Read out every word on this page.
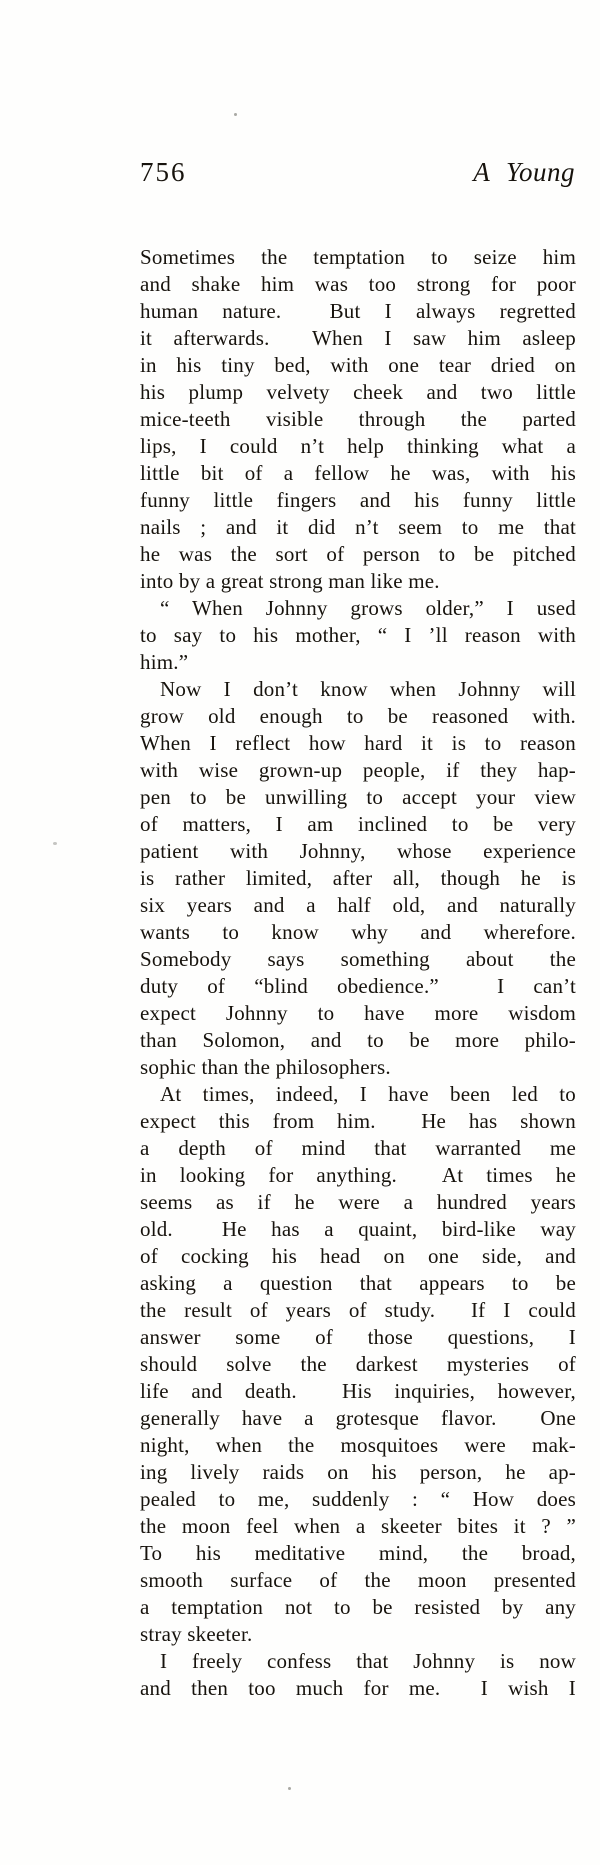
756	A Young
Sometimes the temptation to seize him
and shake him was too strong for poor
human nature.  But I always regretted
it afterwards.  When I saw him asleep
in his tiny bed, with one tear dried on
his plump velvety cheek and two little
mice-teeth visible through the parted
lips, I could n’t help thinking what a
little bit of a fellow he was, with his
funny little fingers and his funny little
nails ; and it did n’t seem to me that
he was the sort of person to be pitched
into by a great strong man like me.
“ When Johnny grows older,” I used
to say to his mother, “ I ’ll reason with
him.”
Now I don’t know when Johnny will
grow old enough to be reasoned with.
When I reflect how hard it is to reason
with wise grown-up people, if they hap-
pen to be unwilling to accept your view
of matters, I am inclined to be very
patient with Johnny, whose experience
is rather limited, after all, though he is
six years and a half old, and naturally
wants to know why and wherefore.
Somebody says something about the
duty of “blind obedience.”  I can’t
expect Johnny to have more wisdom
than Solomon, and to be more philo-
sophic than the philosophers.
At times, indeed, I have been led to
expect this from him.  He has shown
a depth of mind that warranted me
in looking for anything.  At times he
seems as if he were a hundred years
old.  He has a quaint, bird-like way
of cocking his head on one side, and
asking a question that appears to be
the result of years of study.  If I could
answer some of those questions, I
should solve the darkest mysteries of
life and death.  His inquiries, however,
generally have a grotesque flavor.  One
night, when the mosquitoes were mak-
ing lively raids on his person, he ap-
pealed to me, suddenly : “ How does
the moon feel when a skeeter bites it ? ”
To his meditative mind, the broad,
smooth surface of the moon presented
a temptation not to be resisted by any
stray skeeter.
I freely confess that Johnny is now
and then too much for me.  I wish I
